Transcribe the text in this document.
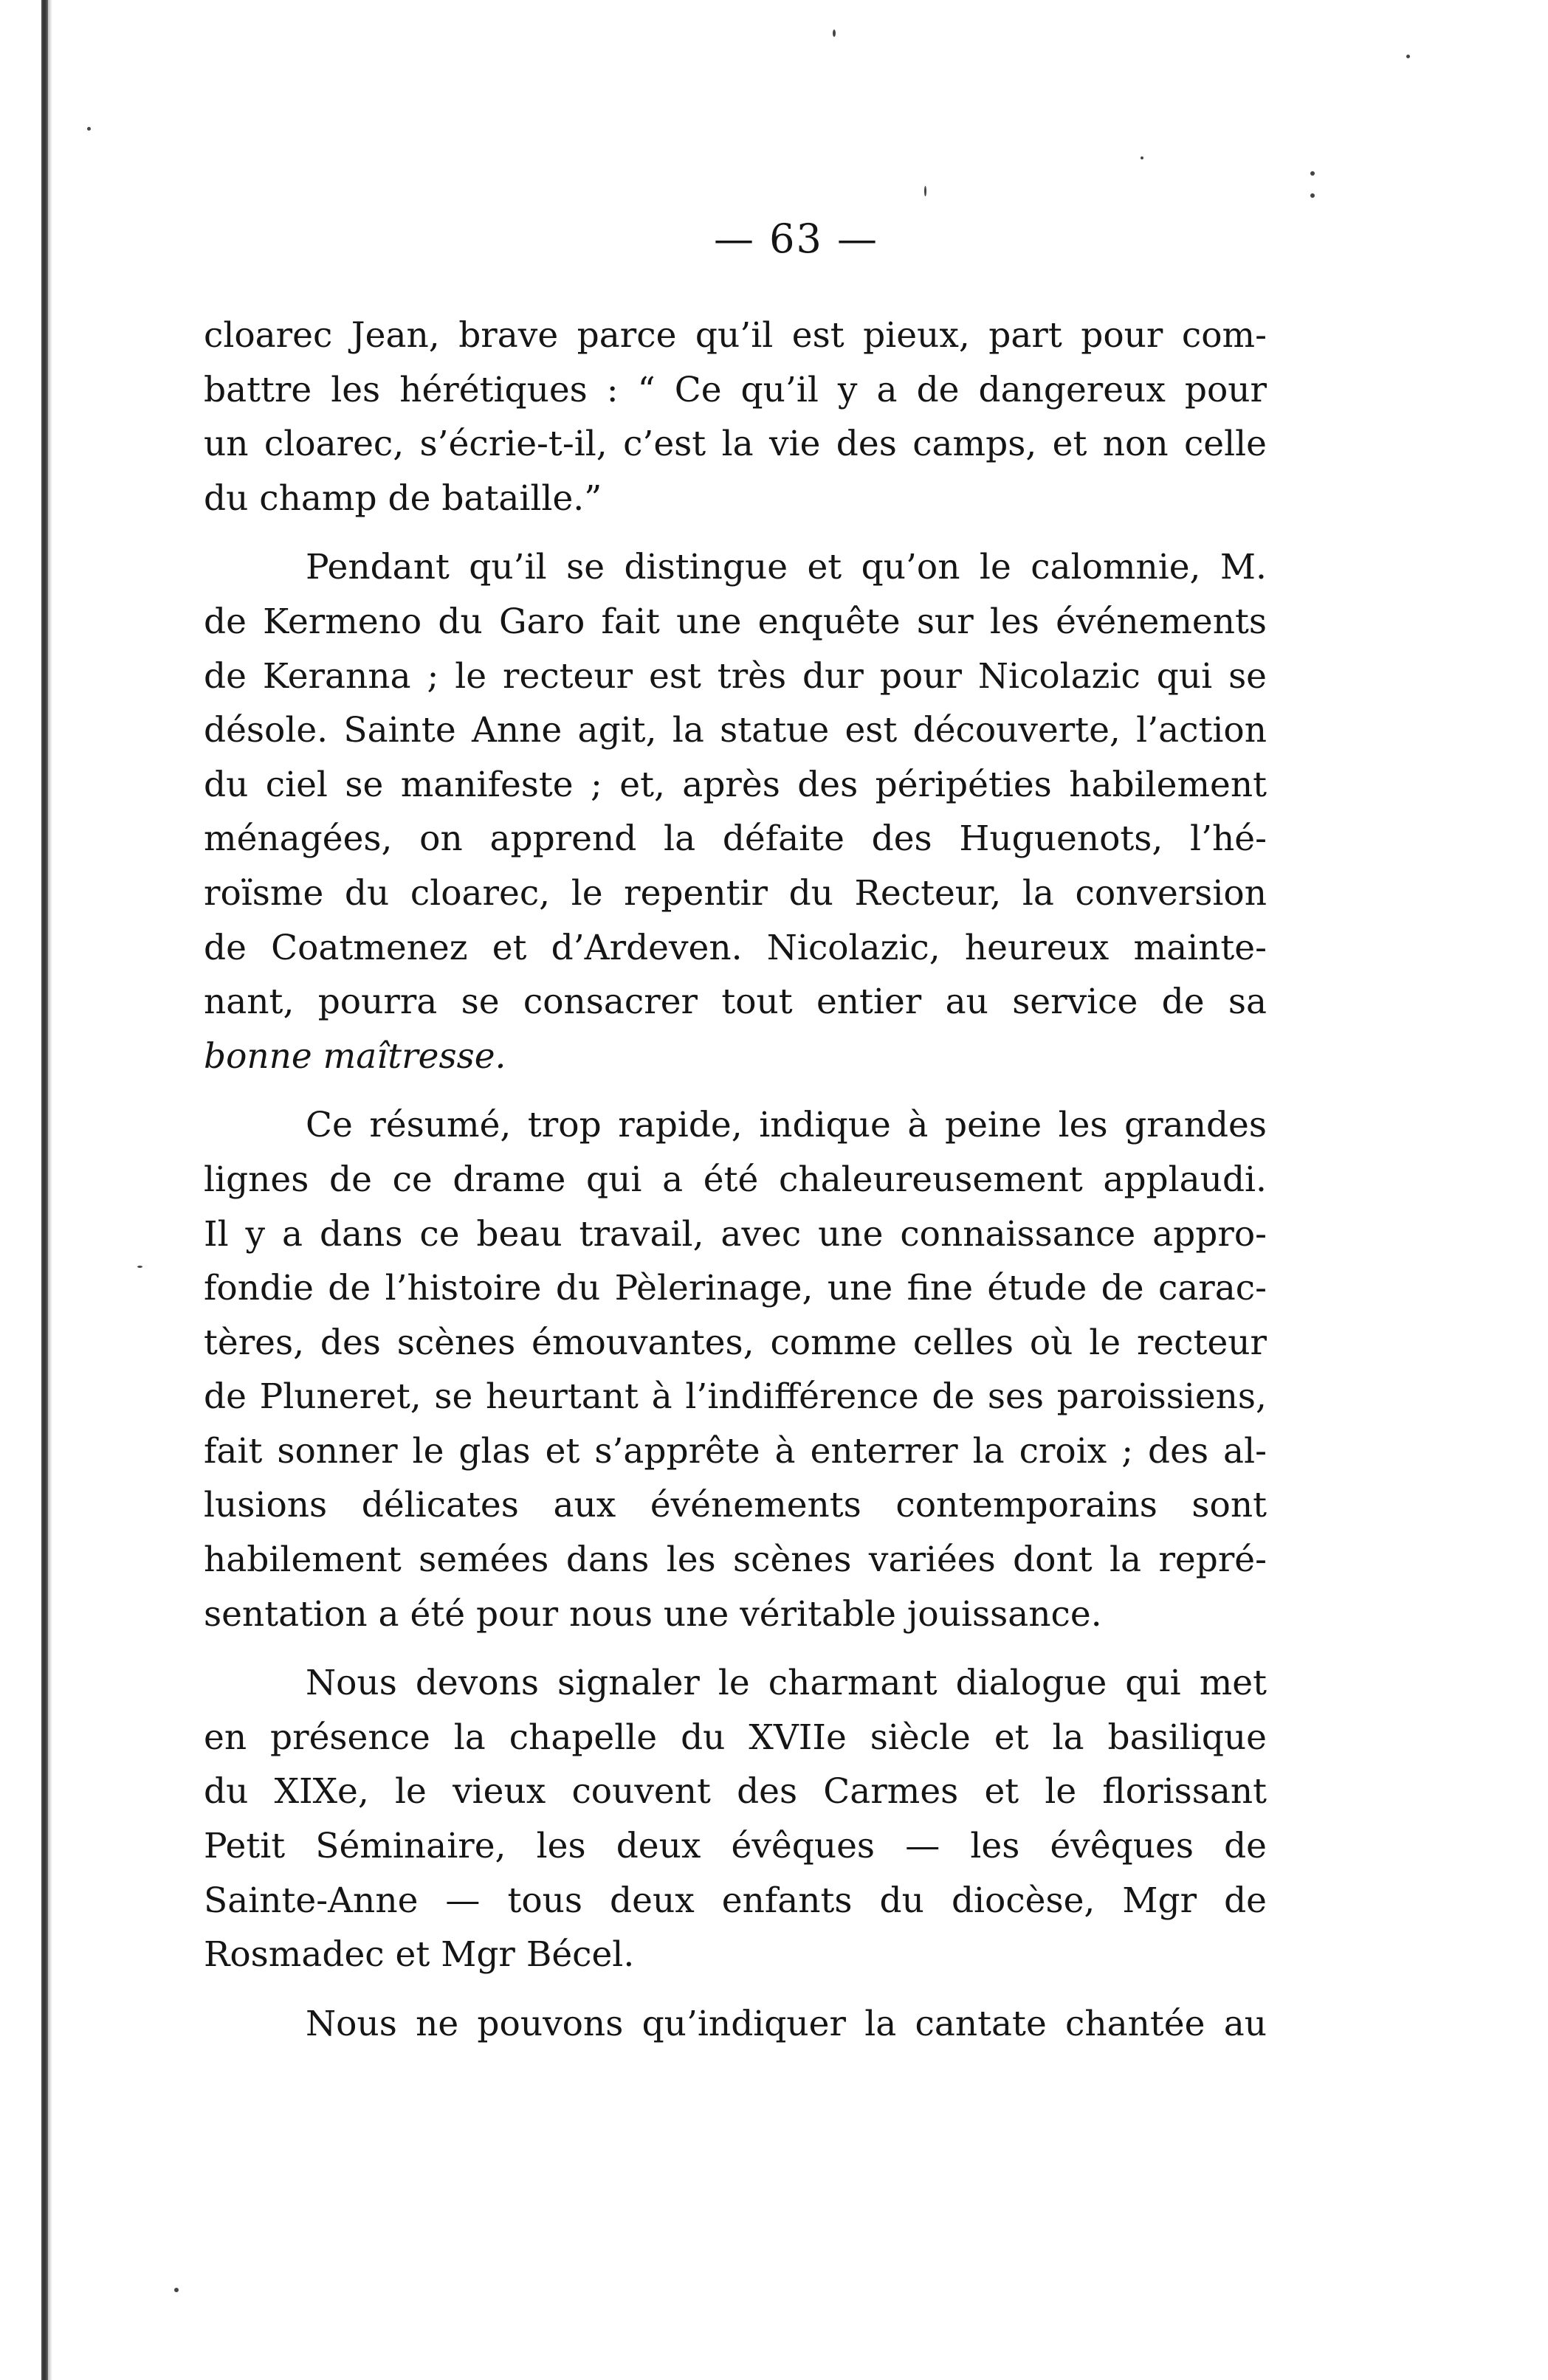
— 63 —
cloarec Jean, brave parce qu’il est pieux, part pour com-
battre les hérétiques : “ Ce qu’il y a de dangereux pour
un cloarec, s’écrie-t-il, c’est la vie des camps, et non celle
du champ de bataille.”
Pendant qu’il se distingue et qu’on le calomnie, M.
de Kermeno du Garo fait une enquête sur les événements
de Keranna ; le recteur est très dur pour Nicolazic qui se
désole. Sainte Anne agit, la statue est découverte, l’action
du ciel se manifeste ; et, après des péripéties habilement
ménagées, on apprend la défaite des Huguenots, l’hé-
roïsme du cloarec, le repentir du Recteur, la conversion
de Coatmenez et d’Ardeven. Nicolazic, heureux mainte-
nant, pourra se consacrer tout entier au service de sa
bonne maîtresse.
Ce résumé, trop rapide, indique à peine les grandes
lignes de ce drame qui a été chaleureusement applaudi.
Il y a dans ce beau travail, avec une connaissance appro-
fondie de l’histoire du Pèlerinage, une fine étude de carac-
tères, des scènes émouvantes, comme celles où le recteur
de Pluneret, se heurtant à l’indifférence de ses paroissiens,
fait sonner le glas et s’apprête à enterrer la croix ; des al-
lusions délicates aux événements contemporains sont
habilement semées dans les scènes variées dont la repré-
sentation a été pour nous une véritable jouissance.
Nous devons signaler le charmant dialogue qui met
en présence la chapelle du XVIIe siècle et la basilique
du XIXe, le vieux couvent des Carmes et le florissant
Petit Séminaire, les deux évêques — les évêques de
Sainte-Anne — tous deux enfants du diocèse, Mgr de
Rosmadec et Mgr Bécel.
Nous ne pouvons qu’indiquer la cantate chantée au
